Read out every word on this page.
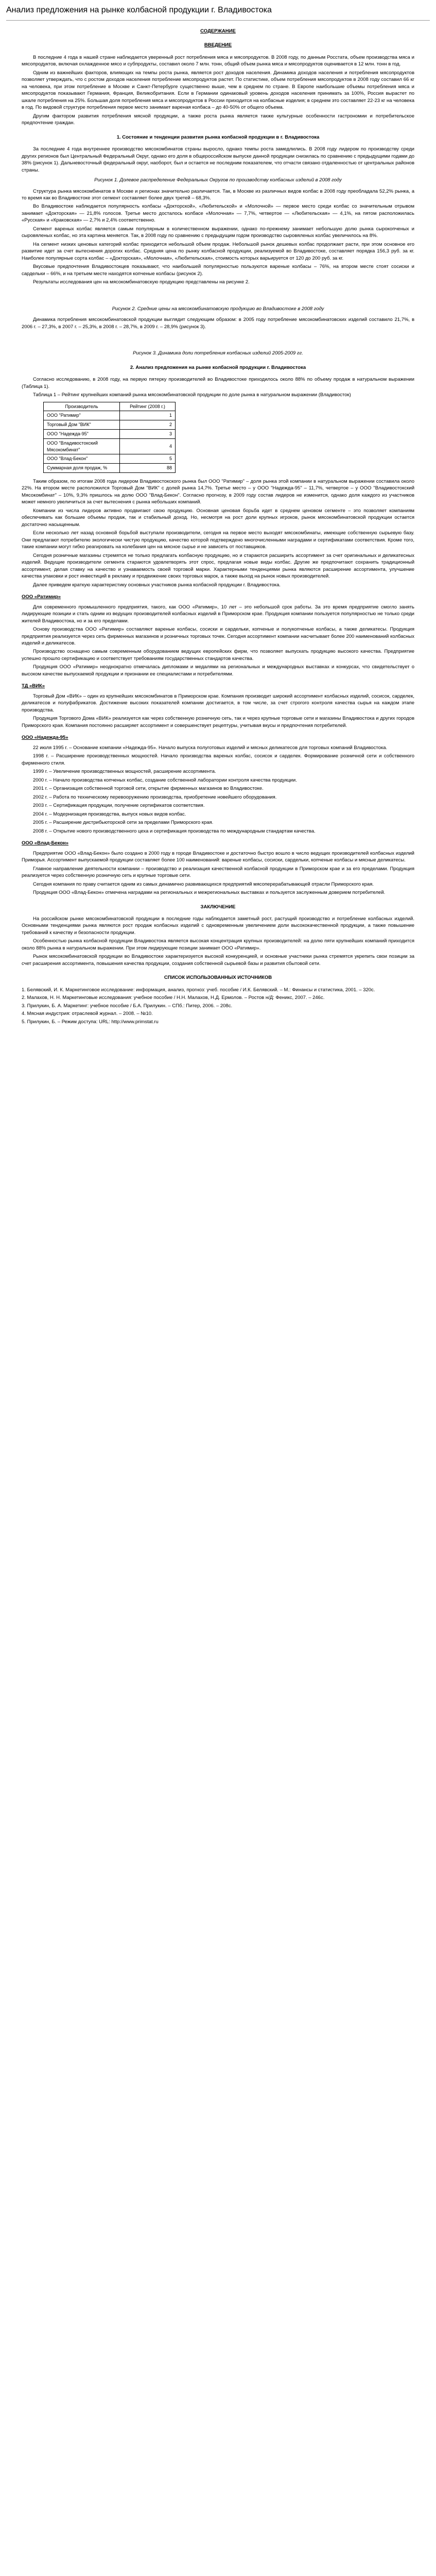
Анализ предложения на рынке колбасной продукции г. Владивостока
СОДЕРЖАНИЕ
ВВЕДЕНИЕ

В последние 4 года в нашей стране наблюдается уверенный рост потребления мяса и мясопродуктов. В 2008 году, по данным Росстата, объем производства мяса и мясопродуктов, включая охлажденное мясо и субпродукты, составил около 7 млн. тонн, общий объем рынка мяса и мясопродуктов оценивается в 12 млн. тонн в год.

Одним из важнейших факторов, влияющих на темпы роста рынка, является рост доходов населения. Динамика доходов населения и потребления мясопродуктов позволяет утверждать, что с ростом доходов населения потребление мясопродуктов растет. По статистике, объем потребления мясопродуктов в 2008 году составил 66 кг на человека, при этом потребление в Москве и Санкт-Петербурге существенно выше, чем в среднем по стране. В Европе наибольшие объемы потребления мяса и мясопродуктов показывают Германия, Франция, Великобритания. Если в Германии одинаковый уровень доходов населения принимать за 100%, Россия вырастет по шкале потребления на 25%. Большая доля потребления мяса и мясопродуктов в России приходится на колбасные изделия; в среднем это составляет 22-23 кг на человека в год. По видовой структуре потребления первое место занимает вареная колбаса – до 40-50% от общего объема.

Другим фактором развития потребления мясной продукции, а также роста рынка является также культурные особенности гастрономии и потребительское предпочтение граждан.

1. Состояние и тенденции развития рынка колбасной продукции в г. Владивостока

За последние 4 года внутреннее производство мясокомбинатов страны выросло, однако темпы роста замедлились. В 2008 году лидером по производству среди других регионов был Центральный Федеральный Округ, однако его доля в общероссийском выпуске данной продукции снизилась по сравнению с предыдущими годами до 38% (рисунок 1). Дальневосточный федеральный округ, наоборот, был и остается не последним показателем, что отчасти связано отдаленностью от центральных районов страны.

Рисунок 1. Долевое распределение Федеральных Округов по производству колбасных изделий в 2008 году

Структура рынка мясокомбинатов в Москве и регионах значительно различается. Так, в Москве из различных видов колбас в 2008 году преобладала 52,2% рынка, а то время как во Владивостоке этот сегмент составляет более двух третей – 68,3%.

Во Владивостоке наблюдается популярность колбасы «Докторской», «Любительской» и «Молочной» — первое место среди колбас со значительным отрывом занимает «Докторская» — 21,8% голосов. Третье место досталось колбасе «Молочная» — 7,7%, четвертое — «Любительская» — 4,1%, на пятом расположилась «Русская» и «Краковская» — 2,7% и 2,4% соответственно.

Сегмент вареных колбас является самым популярным в количественном выражении, однако по-прежнему занимает небольшую долю рынка сырокопченых и сыровяленых колбас, но эта картина меняется. Так, в 2008 году по сравнению с предыдущим годом производство сыровяленых колбас увеличилось на 8%.

На сегмент низких ценовых категорий колбас приходится небольшой объем продаж. Небольшой рынок дешевых колбас продолжает расти, при этом основное его развитие идет за счет вытеснения дорогих колбас. Средняя цена по рынку колбасной продукции, реализуемой во Владивостоке, составляет порядка 156,3 руб. за кг. Наиболее популярные сорта колбас – «Докторская», «Молочная», «Любительская», стоимость которых варьируется от 120 до 200 руб. за кг.

Вкусовые предпочтения Владивостокцев показывают, что наибольшей популярностью пользуются вареные колбасы – 76%, на втором месте стоят сосиски и сардельки – 66%, и на третьем месте находятся копченые колбасы (рисунок 2).

Результаты исследования цен на мясокомбинатовскую продукцию представлены на рисунке 2.

Рисунок 2. Средние цены на мясокомбинатовскую продукцию во Владивостоке в 2008 году

Динамика потребления мясокомбинатовской продукции выглядит следующим образом: в 2005 году потребление мясокомбинатовских изделий составило 21,7%, в 2006 г. – 27,3%, в 2007 г. – 25,3%, в 2008 г. – 28,7%, в 2009 г. – 28,9% (рисунок 3).

Рисунок 3. Динамика доли потребления колбасных изделий 2005-2009 гг.

2. Анализ предложения на рынке колбасной продукции г. Владивостока

Согласно исследованию, в 2008 году, на первую пятерку производителей во Владивостоке приходилось около 88% по объему продаж в натуральном выражении (Таблица 1).

Таблица 1 – Рейтинг крупнейших компаний рынка мясокомбинатовской продукции по доле рынка в натуральном выражении (Владивосток)

Производитель	Рейтинг (2008 г.)
ООО "Ратимир"	1
Торговый Дом "ВИК"	2
ООО "Надежда-95"	3
ООО "Владивостокский Мясокомбинат"	4
ООО "Влад-Бекон"	5
Суммарная доля продаж, %	88

Таким образом, по итогам 2008 года лидером Владивостокского рынка был ООО "Ратимир" – доля рынка этой компании в натуральном выражении составила около 22%. На втором месте расположился Торговый Дом "ВИК" с долей рынка 14,7%. Третье место – у ООО "Надежда-95" – 11,7%, четвертое – у ООО "Владивостокский Мясокомбинат" – 10%, 9,3% пришлось на долю ООО "Влад-Бекон". Согласно прогнозу, в 2009 году состав лидеров не изменится, однако доля каждого из участников может немного увеличиться за счет вытеснения с рынка небольших компаний.

Компании из числа лидеров активно продвигают свою продукцию. Основная ценовая борьба идет в среднем ценовом сегменте – это позволяет компаниям обеспечивать как большие объемы продаж, так и стабильный доход. Но, несмотря на рост доли крупных игроков, рынок мясокомбинатовской продукции остается достаточно насыщенным.

Если несколько лет назад основной борьбой выступали производители, сегодня на первое место выходят мясокомбинаты, имеющие собственную сырьевую базу. Они предлагают потребителю экологически чистую продукцию, качество которой подтверждено многочисленными наградами и сертификатами соответствия. Кроме того, такие компании могут гибко реагировать на колебания цен на мясное сырье и не зависеть от поставщиков.

Сегодня розничные магазины стремятся не только предлагать колбасную продукцию, но и стараются расширить ассортимент за счет оригинальных и деликатесных изделий. Ведущие производители сегмента стараются удовлетворять этот спрос, предлагая новые виды колбас. Другие же предпочитают сохранить традиционный ассортимент, делая ставку на качество и узнаваемость своей торговой марки. Характерными тенденциями рынка являются расширение ассортимента, улучшение качества упаковки и рост инвестиций в рекламу и продвижение своих торговых марок, а также выход на рынок новых производителей.

Далее приведем краткую характеристику основных участников рынка колбасной продукции г. Владивостока.

ООО «Ратимир»

Для современного промышленного предприятия, такого, как ООО «Ратимир», 10 лет – это небольшой срок работы. За это время предприятие смогло занять лидирующие позиции и стать одним из ведущих производителей колбасных изделий в Приморском крае. Продукция компании пользуется популярностью не только среди жителей Владивостока, но и за его пределами.

Основу производства ООО «Ратимир» составляют вареные колбасы, сосиски и сардельки, копченые и полукопченые колбасы, а также деликатесы. Продукция предприятия реализуется через сеть фирменных магазинов и розничных торговых точек. Сегодня ассортимент компании насчитывает более 200 наименований колбасных изделий и деликатесов.

Производство оснащено самым современным оборудованием ведущих европейских фирм, что позволяет выпускать продукцию высокого качества. Предприятие успешно прошло сертификацию и соответствует требованиям государственных стандартов качества.

Продукция ООО «Ратимир» неоднократно отмечалась дипломами и медалями на региональных и международных выставках и конкурсах, что свидетельствует о высоком качестве выпускаемой продукции и признании ее специалистами и потребителями.

ТД «ВИК»

Торговый Дом «ВИК» – один из крупнейших мясокомбинатов в Приморском крае. Компания производит широкий ассортимент колбасных изделий, сосисок, сарделек, деликатесов и полуфабрикатов. Достижение высоких показателей компании достигается, в том числе, за счет строгого контроля качества сырья на каждом этапе производства.

Продукция Торгового Дома «ВИК» реализуется как через собственную розничную сеть, так и через крупные торговые сети и магазины Владивостока и других городов Приморского края. Компания постоянно расширяет ассортимент и совершенствует рецептуры, учитывая вкусы и предпочтения потребителей.

ООО «Надежда-95»

22 июля 1995 г. – Основание компании «Надежда-95». Начало выпуска полуготовых изделий и мясных деликатесов для торговых компаний Владивостока.

1998 г. – Расширение производственных мощностей. Начало производства вареных колбас, сосисок и сарделек. Формирование розничной сети и собственного фирменного стиля.

1999 г. – Увеличение производственных мощностей, расширение ассортимента.

2000 г. – Начало производства копченых колбас, создание собственной лаборатории контроля качества продукции.

2001 г. – Организация собственной торговой сети, открытие фирменных магазинов во Владивостоке.

2002 г. – Работа по техническому перевооружению производства, приобретение новейшего оборудования.

2003 г. – Сертификация продукции, получение сертификатов соответствия.

2004 г. – Модернизация производства, выпуск новых видов колбас.

2005 г. – Расширение дистрибьюторской сети за пределами Приморского края.

2008 г. – Открытие нового производственного цеха и сертификация производства по международным стандартам качества.

ООО «Влад-Бекон»

Предприятие ООО «Влад-Бекон» было создано в 2000 году в городе Владивостоке и достаточно быстро вошло в число ведущих производителей колбасных изделий Приморья. Ассортимент выпускаемой продукции составляет более 100 наименований: вареные колбасы, сосиски, сардельки, копченые колбасы и мясные деликатесы.

Главное направление деятельности компании – производство и реализация качественной колбасной продукции в Приморском крае и за его пределами. Продукция реализуется через собственную розничную сеть и крупные торговые сети.

Сегодня компания по праву считается одним из самых динамично развивающихся предприятий мясоперерабатывающей отрасли Приморского края.

Продукция ООО «Влад-Бекон» отмечена наградами на региональных и межрегиональных выставках и пользуется заслуженным доверием потребителей.

ЗАКЛЮЧЕНИЕ

На российском рынке мясокомбинатовской продукции в последние годы наблюдается заметный рост, растущий производство и потребление колбасных изделий. Основными тенденциями рынка являются рост продаж колбасных изделий с одновременным увеличением доли высококачественной продукции, а также повышение требований к качеству и безопасности продукции.

Особенностью рынка колбасной продукции Владивостока является высокая концентрация крупных производителей: на долю пяти крупнейших компаний приходится около 88% рынка в натуральном выражении. При этом лидирующие позиции занимает ООО «Ратимир».

Рынок мясокомбинатовской продукции во Владивостоке характеризуется высокой конкуренцией, и основные участники рынка стремятся укрепить свои позиции за счет расширения ассортимента, повышения качества продукции, создания собственной сырьевой базы и развития сбытовой сети.

СПИСОК ИСПОЛЬЗОВАННЫХ ИСТОЧНИКОВ
1. Белявский, И. К. Маркетинговое исследование: информация, анализ, прогноз: учеб. пособие / И.К. Белявский. – М.: Финансы и статистика, 2001. – 320с.
2. Малахов, Н. Н. Маркетинговые исследования: учебное пособие / Н.Н. Малахов, Н.Д. Ермолов. – Ростов н/Д: Феникс, 2007. – 246с.
3. Прилукин, Б. А. Маркетинг: учебное пособие / Б.А. Прилукин. – СПб.: Питер, 2006. – 208с.
4. Мясная индустрия: отраслевой журнал. – 2008. – №10.
5. Прилукин, Б. – Режим доступа: URL: http://www.primstat.ru
